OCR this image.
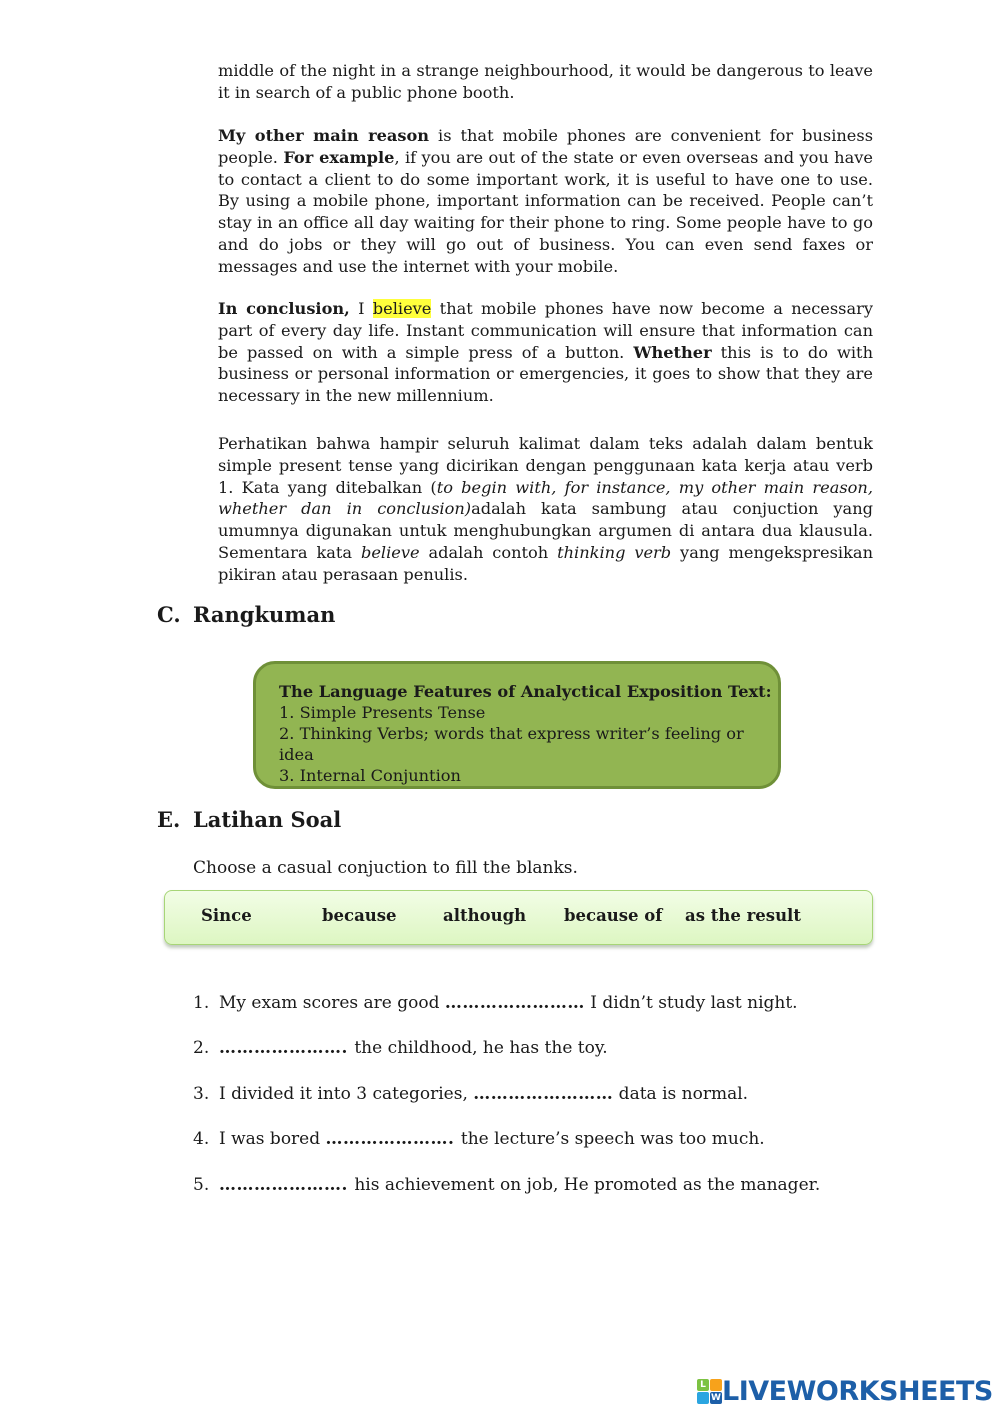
middle of the night in a strange neighbourhood, it would be dangerous to leave it in search of a public phone booth.
My other main reason is that mobile phones are convenient for business people. For example, if you are out of the state or even overseas and you have to contact a client to do some important work, it is useful to have one to use. By using a mobile phone, important information can be received. People can’t stay in an office all day waiting for their phone to ring. Some people have to go and do jobs or they will go out of business. You can even send faxes or messages and use the internet with your mobile.
In conclusion, I believe that mobile phones have now become a necessary part of every day life. Instant communication will ensure that information can be passed on with a simple press of a button. Whether this is to do with business or personal information or emergencies, it goes to show that they are necessary in the new millennium.
Perhatikan bahwa hampir seluruh kalimat dalam teks adalah dalam bentuk simple present tense yang dicirikan dengan penggunaan kata kerja atau verb 1. Kata yang ditebalkan (to begin with, for instance, my other main reason, whether dan in conclusion)adalah kata sambung atau conjuction yang umumnya digunakan untuk menghubungkan argumen di antara dua klausula. Sementara kata believe adalah contoh thinking verb yang mengekspresikan pikiran atau perasaan penulis.
C. Rangkuman
The Language Features of Analyctical Exposition Text:
1. Simple Presents Tense
2. Thinking Verbs; words that express writer’s feeling or idea
3. Internal Conjuntion
E. Latihan Soal
Choose a casual conjuction to fill the blanks.
Since	because	although because of as the result
1. My exam scores are good …………………… I didn’t study last night.
2. …………………. the childhood, he has the toy.
3. I divided it into 3 categories, …………………… data is normal.
4. I was bored …………………. the lecture’s speech was too much.
5. …………………. his achievement on job, He promoted as the manager.
L
W LIVEWORKSHEETS
